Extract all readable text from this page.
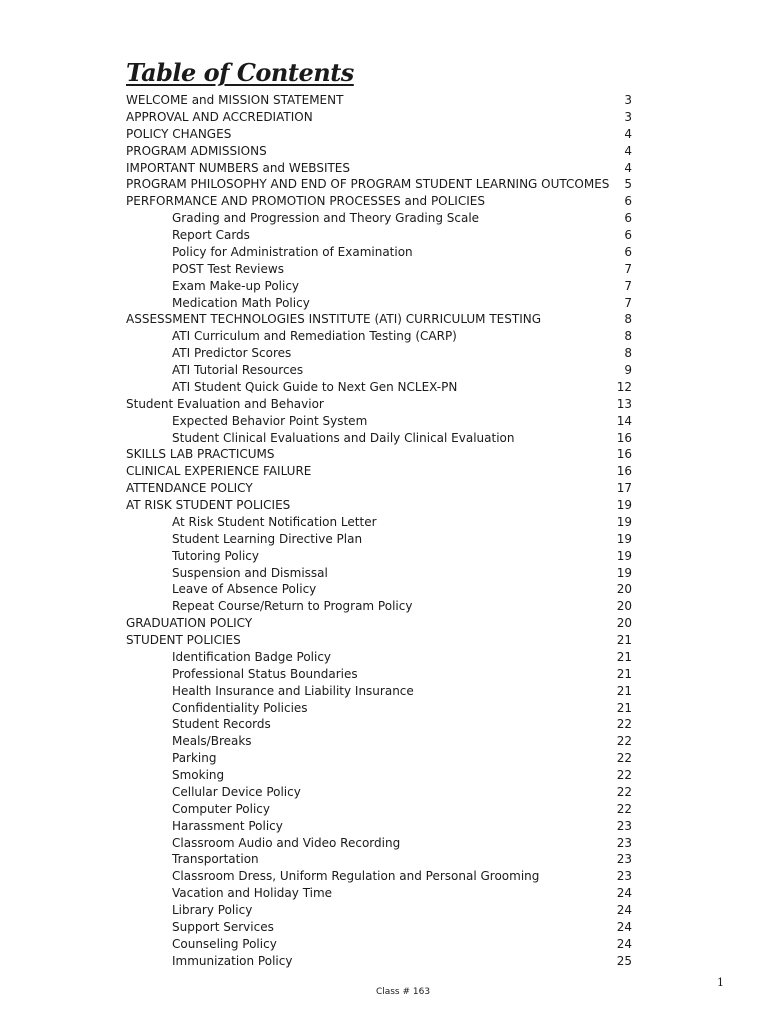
Table of Contents
WELCOME and MISSION STATEMENT	3
APPROVAL AND ACCREDIATION	3
POLICY CHANGES	4
PROGRAM ADMISSIONS	4
IMPORTANT NUMBERS and WEBSITES	4
PROGRAM PHILOSOPHY AND END OF PROGRAM STUDENT LEARNING OUTCOMES 5
PERFORMANCE AND PROMOTION PROCESSES and POLICIES	6
Grading and Progression and Theory Grading Scale	6
Report Cards	6
Policy for Administration of Examination	6
POST Test Reviews	7
Exam Make-up Policy	7
Medication Math Policy	7
ASSESSMENT TECHNOLOGIES INSTITUTE (ATI) CURRICULUM TESTING	8
ATI Curriculum and Remediation Testing (CARP)	8
ATI Predictor Scores	8
ATI Tutorial Resources	9
ATI Student Quick Guide to Next Gen NCLEX-PN	12
Student Evaluation and Behavior	13
Expected Behavior Point System	14
Student Clinical Evaluations and Daily Clinical Evaluation	16
SKILLS LAB PRACTICUMS	16
CLINICAL EXPERIENCE FAILURE	16
ATTENDANCE POLICY	17
AT RISK STUDENT POLICIES	19
At Risk Student Notification Letter	19
Student Learning Directive Plan	19
Tutoring Policy	19
Suspension and Dismissal	19
Leave of Absence Policy	20
Repeat Course/Return to Program Policy	20
GRADUATION POLICY	20
STUDENT POLICIES	21
Identification Badge Policy	21
Professional Status Boundaries	21
Health Insurance and Liability Insurance	21
Confidentiality Policies	21
Student Records	22
Meals/Breaks	22
Parking	22
Smoking	22
Cellular Device Policy	22
Computer Policy	22
Harassment Policy	23
Classroom Audio and Video Recording	23
Transportation	23
Classroom Dress, Uniform Regulation and Personal Grooming	23
Vacation and Holiday Time	24
Library Policy	24
Support Services	24
Counseling Policy	24
Immunization Policy	25
1
Class # 163
